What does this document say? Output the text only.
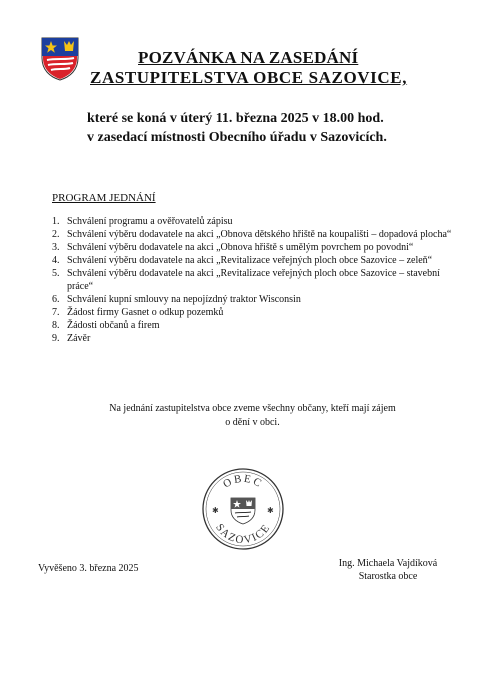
POZVÁNKA NA ZASEDÁNÍ
ZASTUPITELSTVA OBCE SAZOVICE,
které se koná v úterý 11. března 2025 v 18.00 hod.
v zasedací místnosti Obecního úřadu v Sazovicích.
PROGRAM JEDNÁNÍ
1. Schválení programu a ověřovatelů zápisu
2. Schválení výběru dodavatele na akci „Obnova dětského hřiště na koupališti – dopadová plocha“
3. Schválení výběru dodavatele na akci „Obnova hřiště s umělým povrchem po povodni“
4. Schválení výběru dodavatele na akci „Revitalizace veřejných ploch obce Sazovice – zeleň“
5. Schválení výběru dodavatele na akci „Revitalizace veřejných ploch obce Sazovice – stavební práce“
6. Schválení kupní smlouvy na nepojízdný traktor Wisconsin
7. Žádost firmy Gasnet o odkup pozemků
8. Žádosti občanů a firem
9. Závěr
Na jednání zastupitelstva obce zveme všechny občany, kteří mají zájem
o dění v obci.
OBEC
SAZOVICE
✱	✱
Vyvěšeno 3. března 2025	Ing. Michaela Vajdíková
Starostka obce
